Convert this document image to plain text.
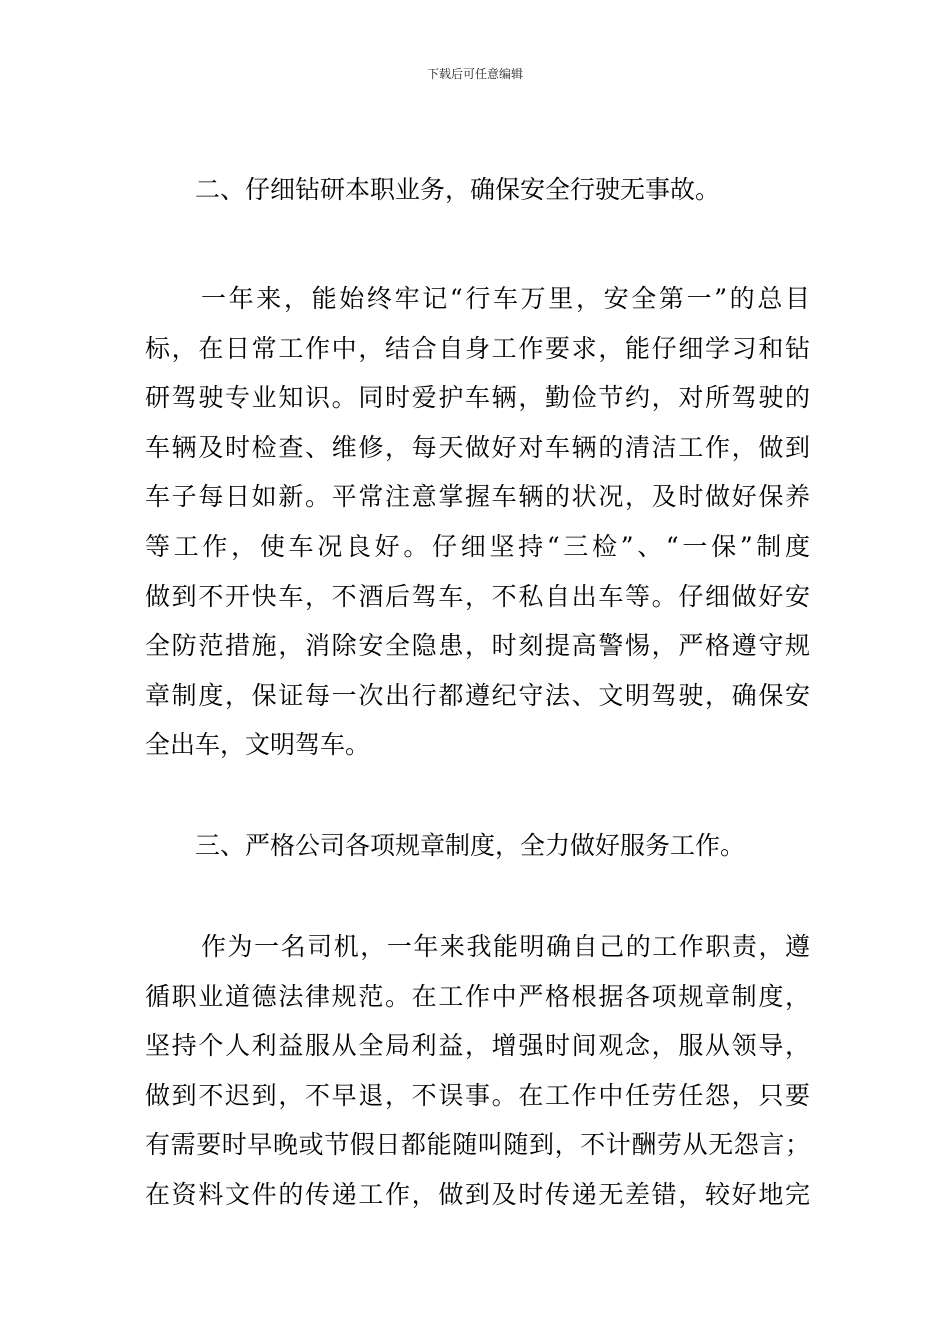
下载后可任意编辑

二、仔细钻研本职业务，确保安全行驶无事故。

一年来，能始终牢记“行车万里，安全第一”的总目
标，在日常工作中，结合自身工作要求，能仔细学习和钻
研驾驶专业知识。同时爱护车辆，勤俭节约，对所驾驶的
车辆及时检查、维修，每天做好对车辆的清洁工作，做到
车子每日如新。平常注意掌握车辆的状况，及时做好保养
等工作，使车况良好。仔细坚持“三检”、“一保”制度
做到不开快车，不酒后驾车，不私自出车等。仔细做好安
全防范措施，消除安全隐患，时刻提高警惕，严格遵守规
章制度，保证每一次出行都遵纪守法、文明驾驶，确保安
全出车，文明驾车。

三、严格公司各项规章制度，全力做好服务工作。

作为一名司机，一年来我能明确自己的工作职责，遵
循职业道德法律规范。在工作中严格根据各项规章制度，
坚持个人利益服从全局利益，增强时间观念，服从领导，
做到不迟到，不早退，不误事。在工作中任劳任怨，只要
有需要时早晚或节假日都能随叫随到，不计酬劳从无怨言；
在资料文件的传递工作，做到及时传递无差错，较好地完
